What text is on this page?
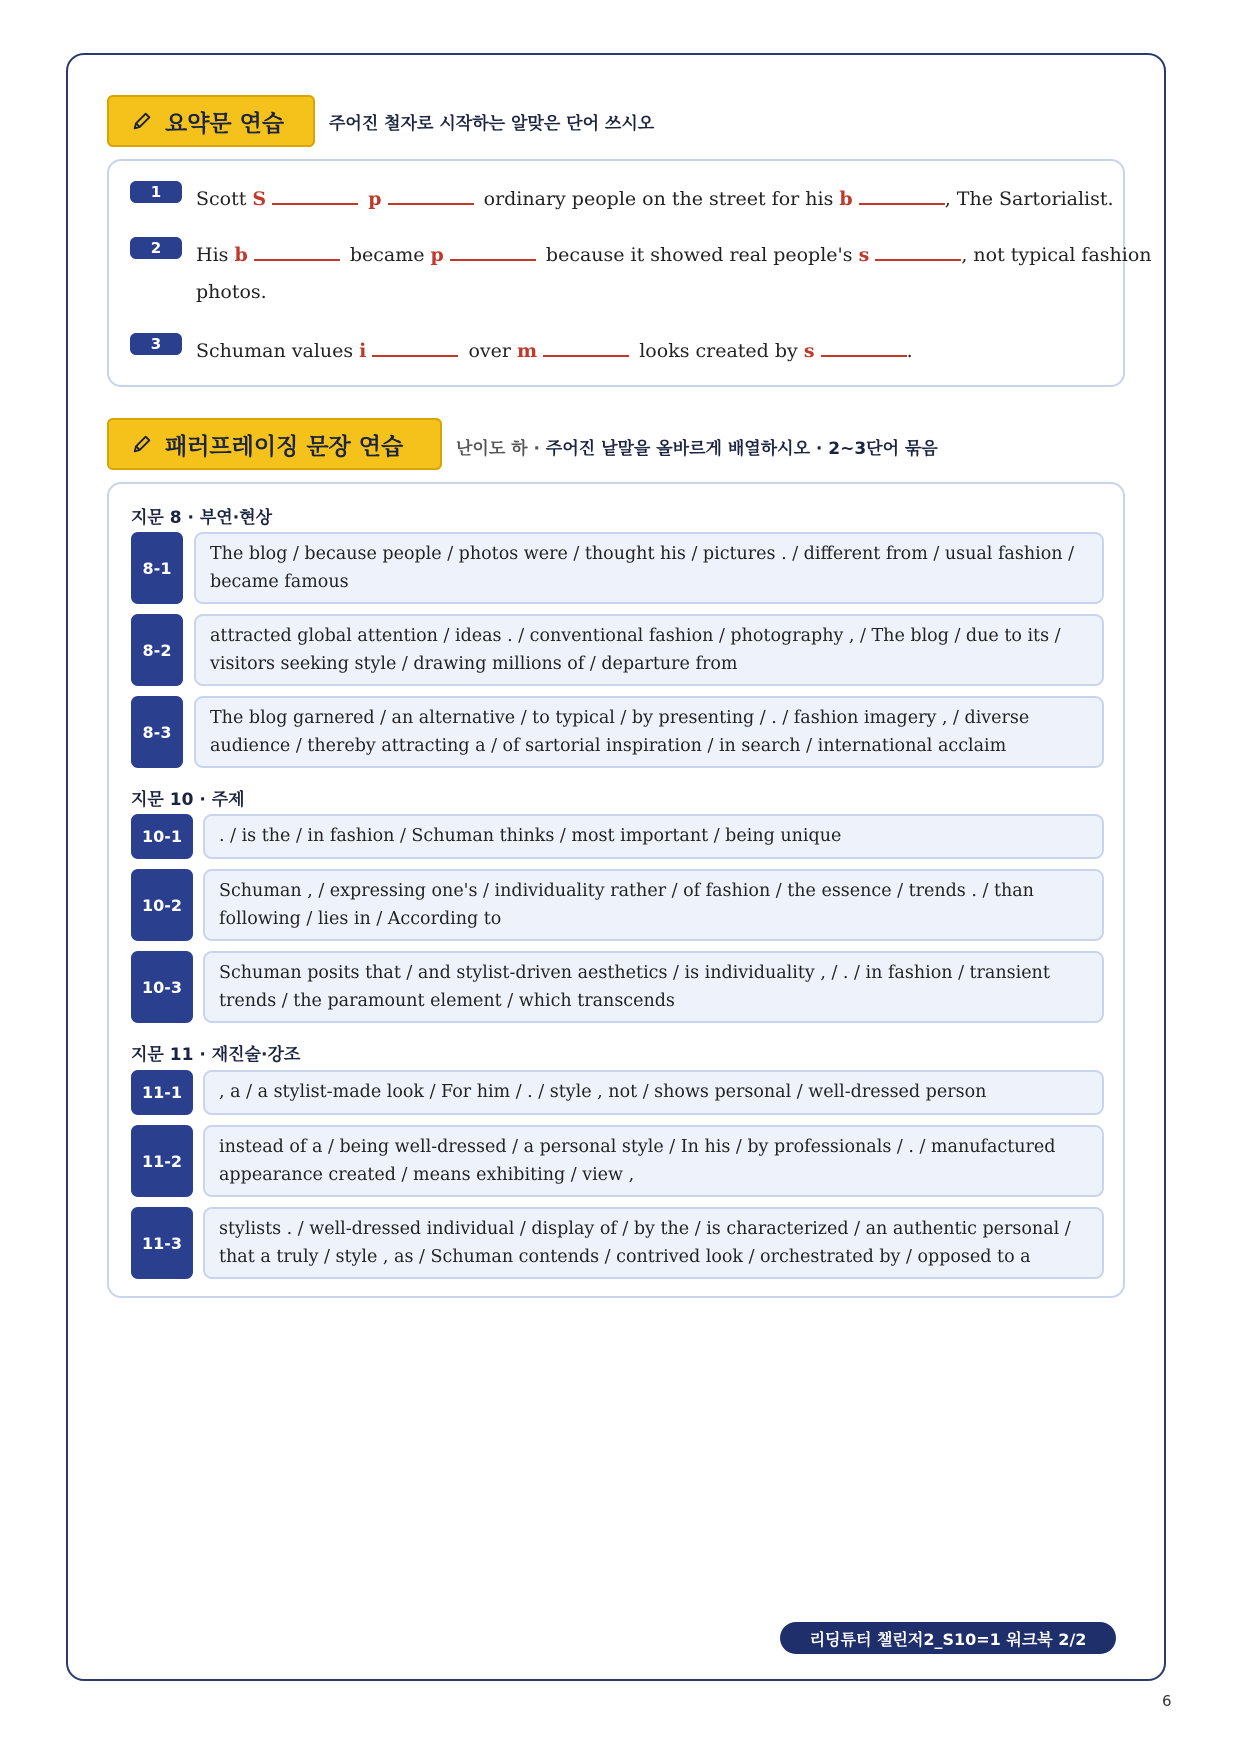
요약문 연습	주어진 철자로 시작하는 알맞은 단어 쓰시오
1	Scott S	p	ordinary people on the street for his b	, The Sartorialist.
2	His b	became p	because it showed real people's s	, not typical fashion
photos.
3	Schuman values i	over m	looks created by s	.
패러프레이징 문장 연습	난이도 하 · 주어진 낱말을 올바르게 배열하시오 · 2~3단어 묶음
지문 8 · 부연·현상
8-1
The blog / because people / photos were / thought his / pictures . / different from / usual fashion / became famous
8-2
attracted global attention / ideas . / conventional fashion / photography , / The blog / due to its / visitors seeking style / drawing millions of / departure from
8-3
The blog garnered / an alternative / to typical / by presenting / . / fashion imagery , / diverse audience / thereby attracting a / of sartorial inspiration / in search / international acclaim
지문 10 · 주제
10-1	. / is the / in fashion / Schuman thinks / most important / being unique
10-2
Schuman , / expressing one's / individuality rather / of fashion / the essence / trends . / than following / lies in / According to
10-3
Schuman posits that / and stylist-driven aesthetics / is individuality , / . / in fashion / transient trends / the paramount element / which transcends
지문 11 · 재진술·강조
11-1	, a / a stylist-made look / For him / . / style , not / shows personal / well-dressed person
11-2
instead of a / being well-dressed / a personal style / In his / by professionals / . / manufactured appearance created / means exhibiting / view ,
11-3
stylists . / well-dressed individual / display of / by the / is characterized / an authentic personal / that a truly / style , as / Schuman contends / contrived look / orchestrated by / opposed to a
리딩튜터 챌린저2_S10=1 워크북 2/2
6
